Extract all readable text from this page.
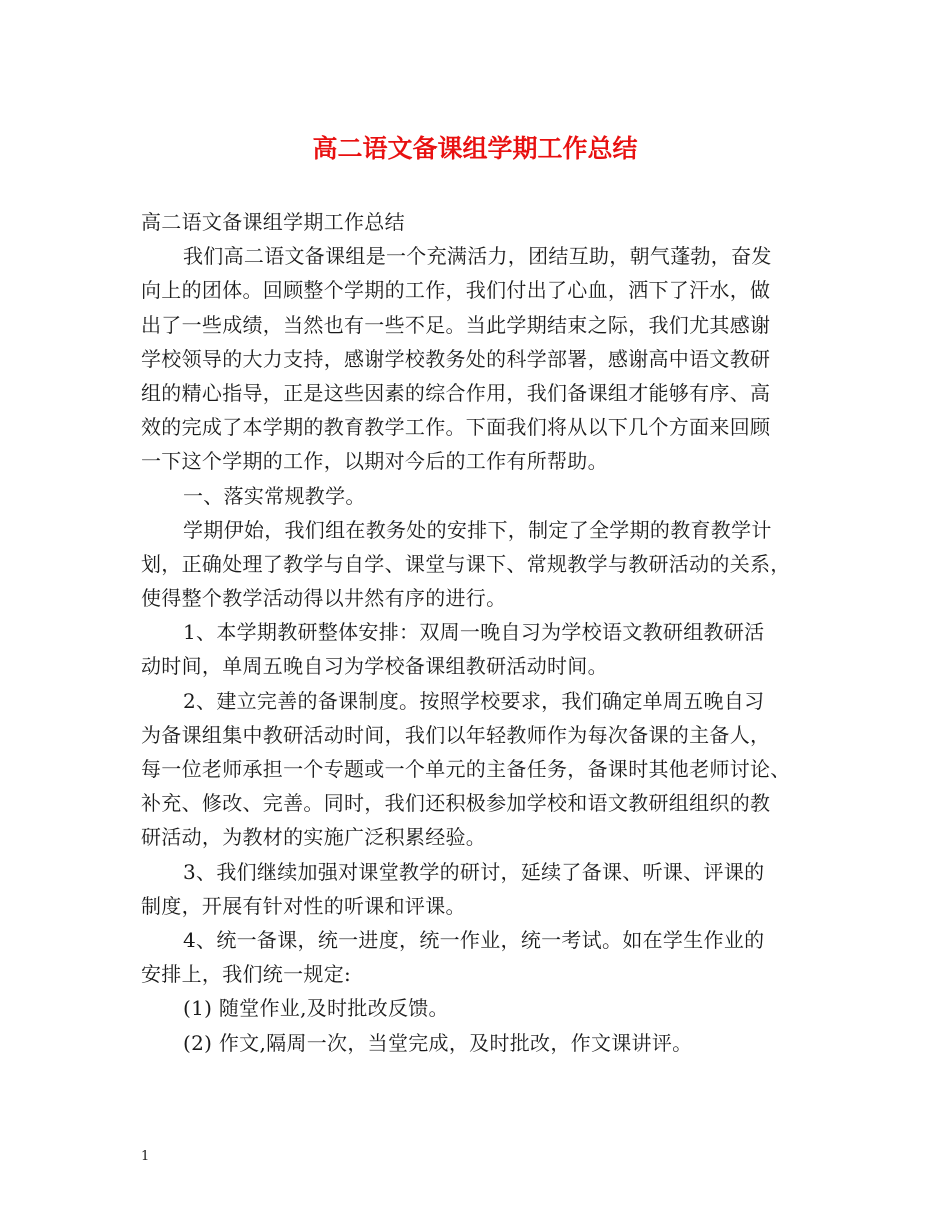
高二语文备课组学期工作总结
高二语文备课组学期工作总结
我们高二语文备课组是一个充满活力，团结互助，朝气蓬勃，奋发
向上的团体。回顾整个学期的工作，我们付出了心血，洒下了汗水，做
出了一些成绩，当然也有一些不足。当此学期结束之际，我们尤其感谢
学校领导的大力支持，感谢学校教务处的科学部署，感谢高中语文教研
组的精心指导，正是这些因素的综合作用，我们备课组才能够有序、高
效的完成了本学期的教育教学工作。下面我们将从以下几个方面来回顾
一下这个学期的工作，以期对今后的工作有所帮助。
一、落实常规教学。
学期伊始，我们组在教务处的安排下，制定了全学期的教育教学计
划，正确处理了教学与自学、课堂与课下、常规教学与教研活动的关系，
使得整个教学活动得以井然有序的进行。
1、本学期教研整体安排：双周一晚自习为学校语文教研组教研活
动时间，单周五晚自习为学校备课组教研活动时间。
2、建立完善的备课制度。按照学校要求，我们确定单周五晚自习
为备课组集中教研活动时间，我们以年轻教师作为每次备课的主备人，
每一位老师承担一个专题或一个单元的主备任务，备课时其他老师讨论、
补充、修改、完善。同时，我们还积极参加学校和语文教研组组织的教
研活动，为教材的实施广泛积累经验。
3、我们继续加强对课堂教学的研讨，延续了备课、听课、评课的
制度，开展有针对性的听课和评课。
4、统一备课，统一进度，统一作业，统一考试。如在学生作业的
安排上，我们统一规定:
(1) 随堂作业,及时批改反馈。
(2) 作文,隔周一次，当堂完成，及时批改，作文课讲评。
1
